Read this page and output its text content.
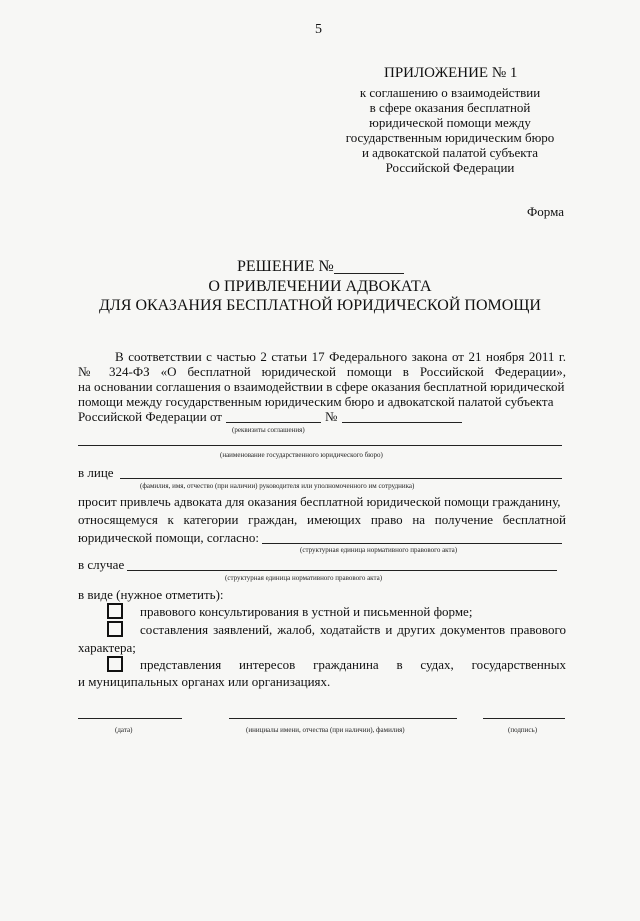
5
ПРИЛОЖЕНИЕ № 1
к соглашению о взаимодействии
в сфере оказания бесплатной
юридической помощи между
государственным юридическим бюро
и адвокатской палатой субъекта
Российской Федерации
Форма
РЕШЕНИЕ №
О ПРИВЛЕЧЕНИИ АДВОКАТА
ДЛЯ ОКАЗАНИЯ БЕСПЛАТНОЙ ЮРИДИЧЕСКОЙ ПОМОЩИ
В соответствии с частью 2 статьи 17 Федерального закона от 21 ноября 2011 г.
№ 324-ФЗ «О бесплатной юридической помощи в Российской Федерации»,
на основании соглашения о взаимодействии в сфере оказания бесплатной юридической
помощи между государственным юридическим бюро и адвокатской палатой субъекта
Российской Федерации от	№
(реквизиты соглашения)
(наименование государственного юридического бюро)
в лице
(фамилия, имя, отчество (при наличии) руководителя или уполномоченного им сотрудника)
просит привлечь адвоката для оказания бесплатной юридической помощи гражданину,
относящемуся к категории граждан, имеющих право на получение бесплатной
юридической помощи, согласно:
(структурная единица нормативного правового акта)
в случае
(структурная единица нормативного правового акта)
в виде (нужное отметить):
правового консультирования в устной и письменной форме;
составления заявлений, жалоб, ходатайств и других документов правового
характера;
представления интересов гражданина в судах, государственных
и муниципальных органах или организациях.
(дата)	(инициалы имени, отчества (при наличии), фамилия)	(подпись)
